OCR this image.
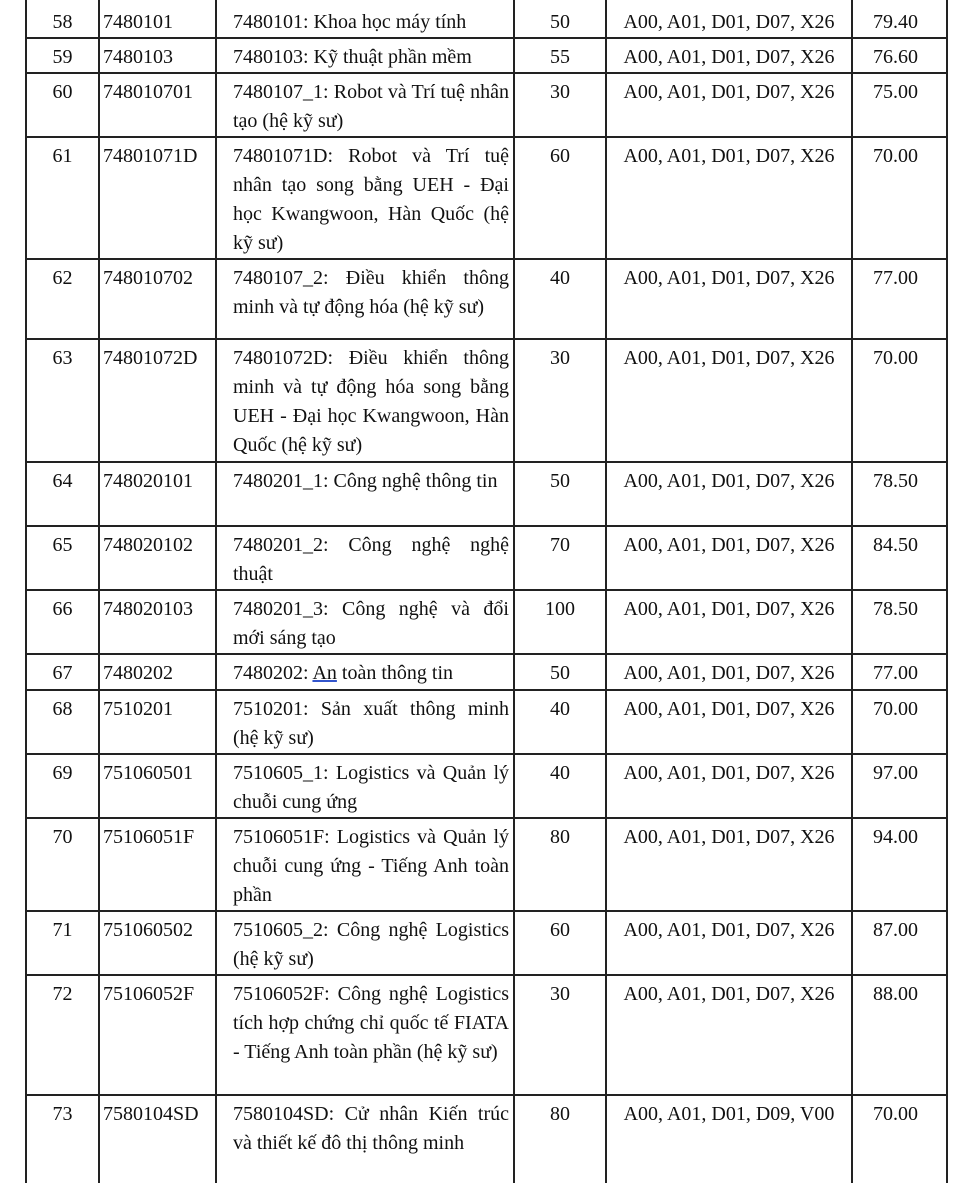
58	7480101	7480101: Khoa học máy tính	50	A00, A01, D01, D07, X26	79.40

59	7480103	7480103: Kỹ thuật phần mềm	55	A00, A01, D01, D07, X26	76.60

60	748010701	7480107_1: Robot và Trí tuệ nhân tạo (hệ kỹ sư)	30	A00, A01, D01, D07, X26	75.00

61	74801071D	74801071D: Robot và Trí tuệ nhân tạo song bằng UEH - Đại học Kwangwoon, Hàn Quốc (hệ kỹ sư)	60	A00, A01, D01, D07, X26	70.00

62	748010702	7480107_2: Điều khiển thông minh và tự động hóa (hệ kỹ sư)	40	A00, A01, D01, D07, X26	77.00

63	74801072D	74801072D: Điều khiển thông minh và tự động hóa song bằng UEH - Đại học Kwangwoon, Hàn Quốc (hệ kỹ sư)	30	A00, A01, D01, D07, X26	70.00

64	748020101	7480201_1: Công nghệ thông tin	50	A00, A01, D01, D07, X26	78.50

65	748020102	7480201_2: Công nghệ nghệ thuật	70	A00, A01, D01, D07, X26	84.50

66	748020103	7480201_3: Công nghệ và đổi mới sáng tạo	100	A00, A01, D01, D07, X26	78.50

67	7480202	7480202: An toàn thông tin	50	A00, A01, D01, D07, X26	77.00

68	7510201	7510201: Sản xuất thông minh (hệ kỹ sư)	40	A00, A01, D01, D07, X26	70.00

69	751060501	7510605_1: Logistics và Quản lý chuỗi cung ứng	40	A00, A01, D01, D07, X26	97.00

70	75106051F	75106051F: Logistics và Quản lý chuỗi cung ứng - Tiếng Anh toàn phần	80	A00, A01, D01, D07, X26	94.00

71	751060502	7510605_2: Công nghệ Logistics (hệ kỹ sư)	60	A00, A01, D01, D07, X26	87.00

72	75106052F	75106052F: Công nghệ Logistics tích hợp chứng chỉ quốc tế FIATA - Tiếng Anh toàn phần (hệ kỹ sư)	30	A00, A01, D01, D07, X26	88.00

73	7580104SD	7580104SD: Cử nhân Kiến trúc và thiết kế đô thị thông minh	80	A00, A01, D01, D09, V00	70.00
